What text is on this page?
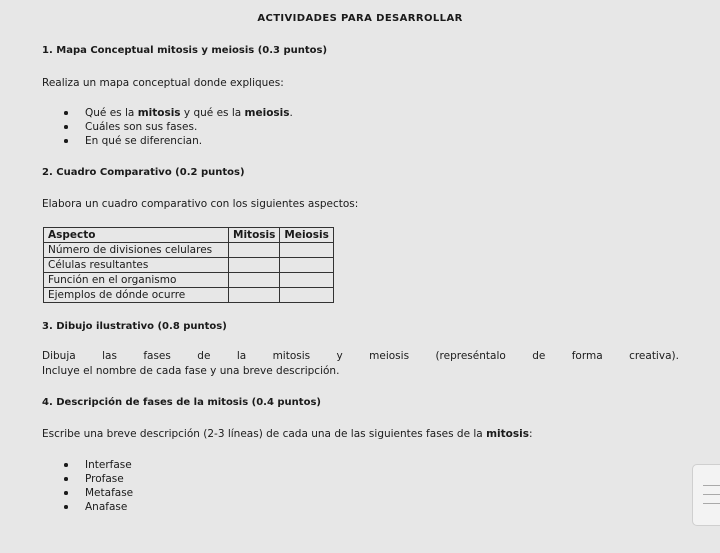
ACTIVIDADES PARA DESARROLLAR
1. Mapa Conceptual mitosis y meiosis (0.3 puntos)
Realiza un mapa conceptual donde expliques:
Qué es la mitosis y qué es la meiosis.
Cuáles son sus fases.
En qué se diferencian.
2. Cuadro Comparativo (0.2 puntos)
Elabora un cuadro comparativo con los siguientes aspectos:
Aspecto	Mitosis	Meiosis
Número de divisiones celulares		
Células resultantes		
Función en el organismo		
Ejemplos de dónde ocurre		
3. Dibujo ilustrativo (0.8 puntos)
Dibuja	las	fases	de	la	mitosis	y	meiosis	(represéntalo	de	forma	creativa).
Incluye el nombre de cada fase y una breve descripción.
4. Descripción de fases de la mitosis (0.4 puntos)
Escribe una breve descripción (2-3 líneas) de cada una de las siguientes fases de la mitosis:
Interfase
Profase
Metafase
Anafase
